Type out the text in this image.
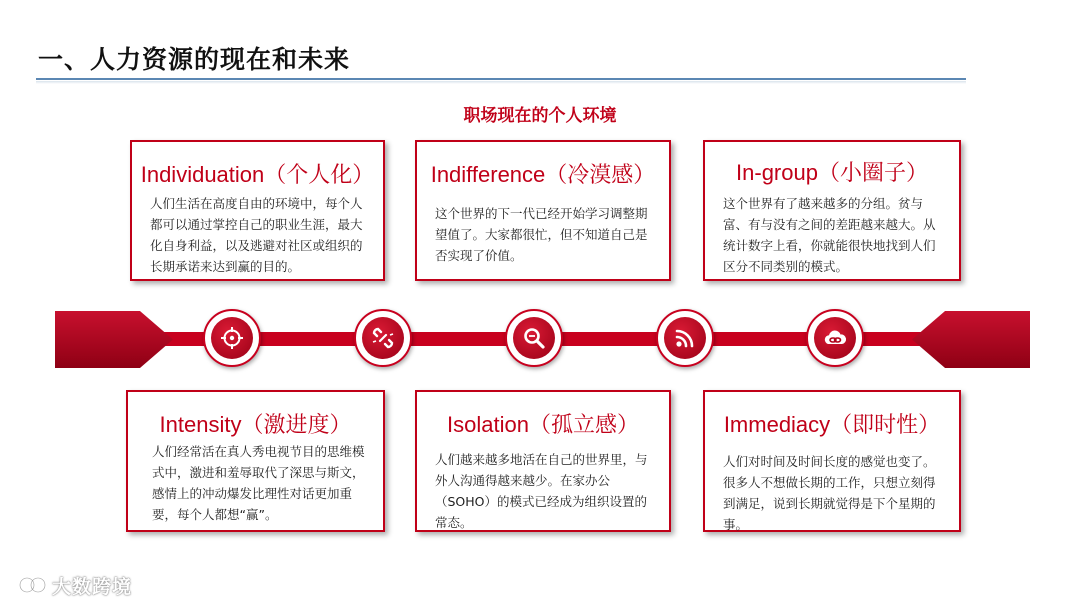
一、人力资源的现在和未来
职场现在的个人环境
Individuation（个人化）
人们生活在高度自由的环境中，每个人都可以通过掌控自己的职业生涯，最大化自身利益，以及逃避对社区或组织的长期承诺来达到赢的目的。
Indifference（冷漠感）
这个世界的下一代已经开始学习调整期望值了。大家都很忙，但不知道自己是否实现了价值。
In-group（小圈子）
这个世界有了越来越多的分组。贫与富、有与没有之间的差距越来越大。从统计数字上看，你就能很快地找到人们区分不同类别的模式。
Intensity（激进度）
人们经常活在真人秀电视节目的思维模式中，激进和羞辱取代了深思与斯文，感情上的冲动爆发比理性对话更加重要，每个人都想“赢”。
Isolation（孤立感）
人们越来越多地活在自己的世界里，与外人沟通得越来越少。在家办公（SOHO）的模式已经成为组织设置的常态。
Immediacy（即时性）
人们对时间及时间长度的感觉也变了。很多人不想做长期的工作，只想立刻得到满足，说到长期就觉得是下个星期的事。
大数跨境
